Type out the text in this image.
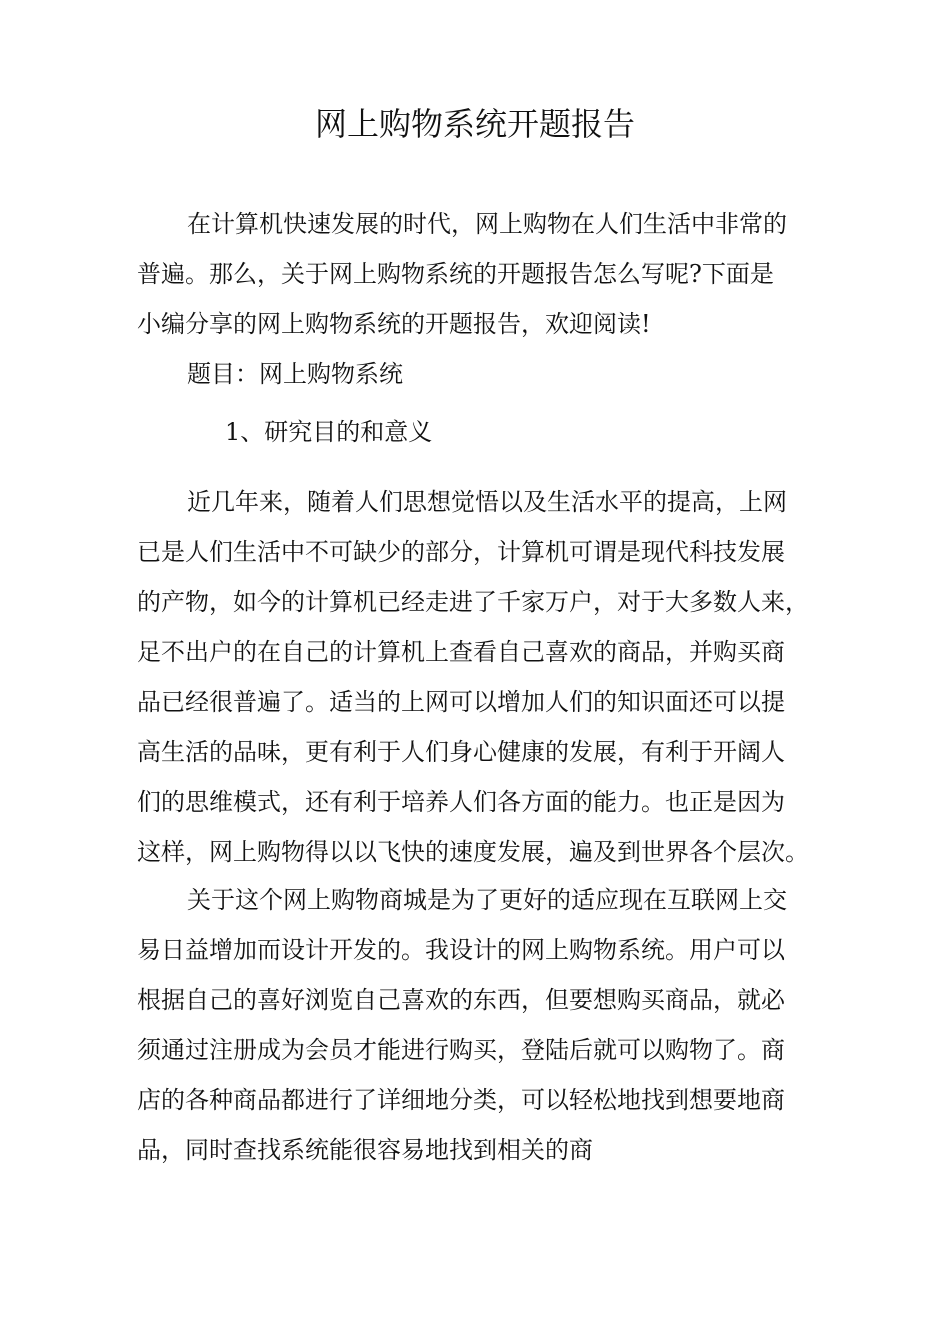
网上购物系统开题报告
在计算机快速发展的时代，网上购物在人们生活中非常的
普遍。那么，关于网上购物系统的开题报告怎么写呢?下面是
小编分享的网上购物系统的开题报告，欢迎阅读!
题目：网上购物系统
1、研究目的和意义
近几年来，随着人们思想觉悟以及生活水平的提高，上网
已是人们生活中不可缺少的部分，计算机可谓是现代科技发展
的产物，如今的计算机已经走进了千家万户，对于大多数人来，
足不出户的在自己的计算机上查看自己喜欢的商品，并购买商
品已经很普遍了。适当的上网可以增加人们的知识面还可以提
高生活的品味，更有利于人们身心健康的发展，有利于开阔人
们的思维模式，还有利于培养人们各方面的能力。也正是因为
这样，网上购物得以以飞快的速度发展，遍及到世界各个层次。
关于这个网上购物商城是为了更好的适应现在互联网上交
易日益增加而设计开发的。我设计的网上购物系统。用户可以
根据自己的喜好浏览自己喜欢的东西，但要想购买商品，就必
须通过注册成为会员才能进行购买，登陆后就可以购物了。商
店的各种商品都进行了详细地分类，可以轻松地找到想要地商
品，同时查找系统能很容易地找到相关的商
